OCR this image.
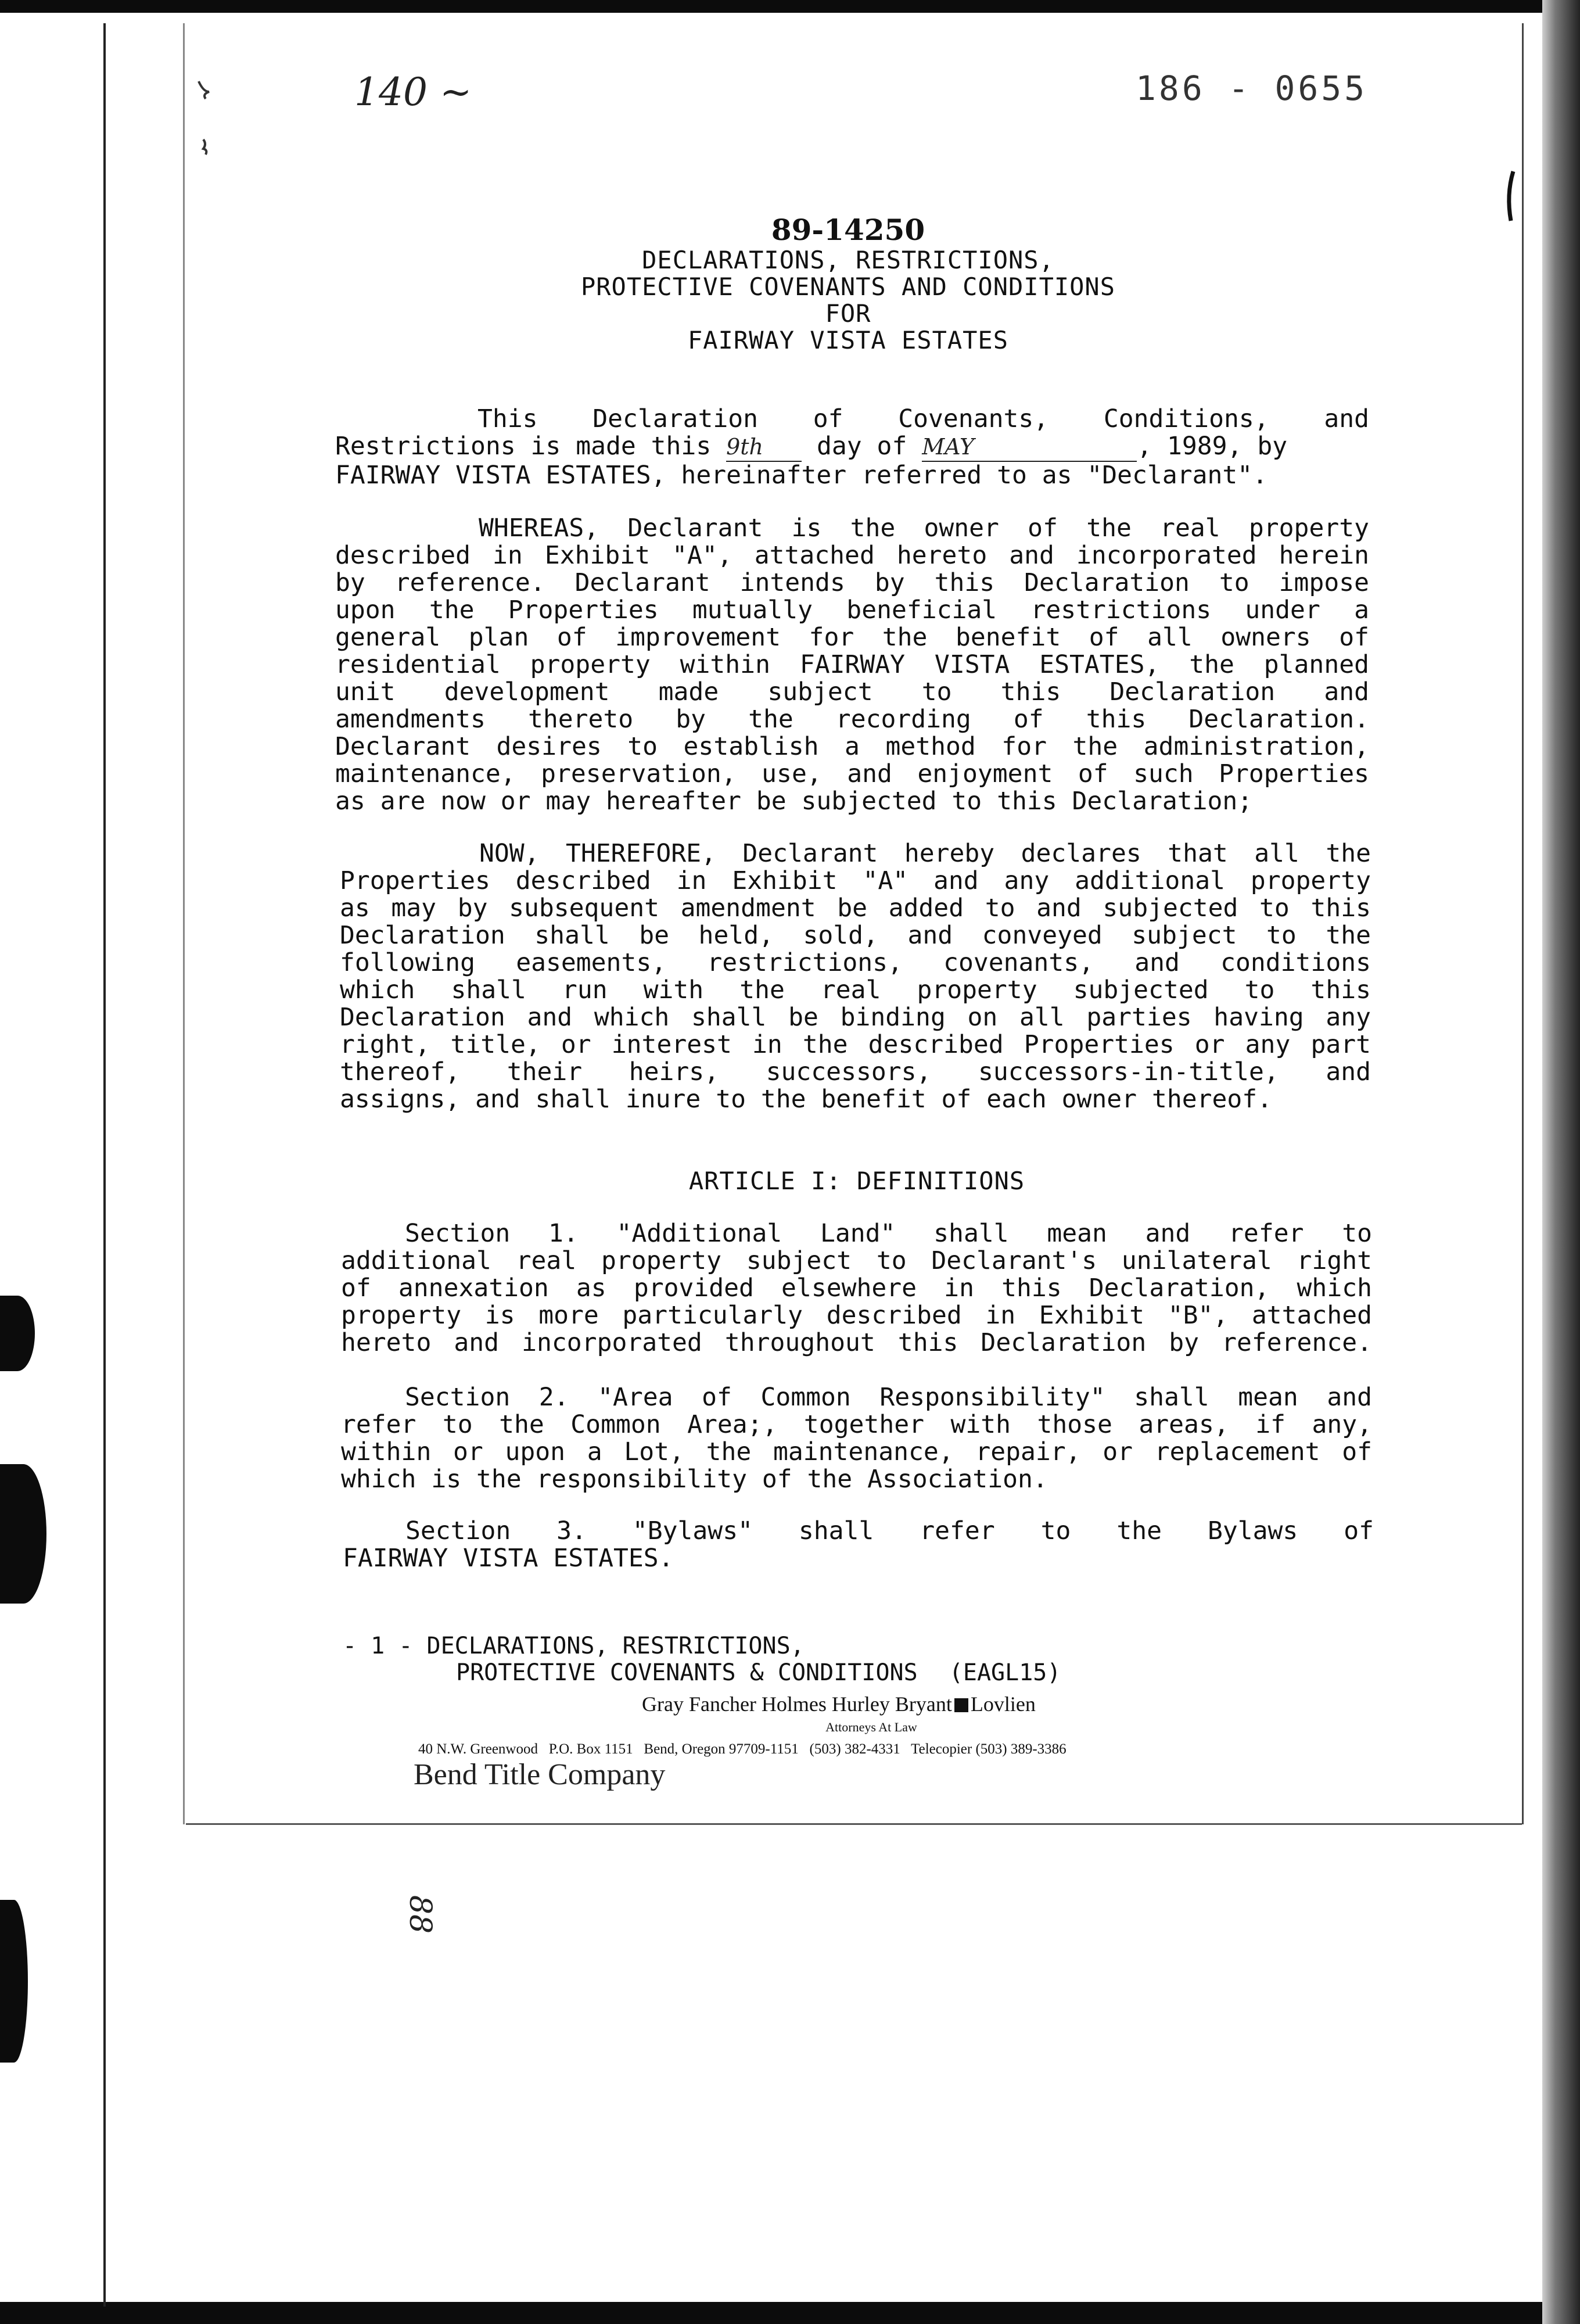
140 ~	186 - 0655
89-14250
DECLARATIONS, RESTRICTIONS,
PROTECTIVE COVENANTS AND CONDITIONS
FOR
FAIRWAY VISTA ESTATES
This Declaration of Covenants, Conditions, and
Restrictions is made this 9th day of MAY	, 1989, by
FAIRWAY VISTA ESTATES, hereinafter referred to as "Declarant".
WHEREAS, Declarant is the owner of the real property
described in Exhibit "A", attached hereto and incorporated herein
by reference. Declarant intends by this Declaration to impose
upon the Properties mutually beneficial restrictions under a
general plan of improvement for the benefit of all owners of
residential property within FAIRWAY VISTA ESTATES, the planned
unit development made subject to this Declaration and
amendments thereto by the recording of this Declaration.
Declarant desires to establish a method for the administration,
maintenance, preservation, use, and enjoyment of such Properties
as are now or may hereafter be subjected to this Declaration;
NOW, THEREFORE, Declarant hereby declares that all the
Properties described in Exhibit "A" and any additional property
as may by subsequent amendment be added to and subjected to this
Declaration shall be held, sold, and conveyed subject to the
following easements, restrictions, covenants, and conditions
which shall run with the real property subjected to this
Declaration and which shall be binding on all parties having any
right, title, or interest in the described Properties or any part
thereof, their heirs, successors, successors-in-title, and
assigns, and shall inure to the benefit of each owner thereof.
ARTICLE I: DEFINITIONS
Section 1. "Additional Land" shall mean and refer to
additional real property subject to Declarant's unilateral right
of annexation as provided elsewhere in this Declaration, which
property is more particularly described in Exhibit "B", attached
hereto and incorporated throughout this Declaration by reference.
Section 2. "Area of Common Responsibility" shall mean and
refer to the Common Area;, together with those areas, if any,
within or upon a Lot, the maintenance, repair, or replacement of
which is the responsibility of the Association.
Section 3. "Bylaws" shall refer to the Bylaws of
FAIRWAY VISTA ESTATES.
- 1 - DECLARATIONS, RESTRICTIONS,
PROTECTIVE COVENANTS & CONDITIONS (EAGL15)
Gray Fancher Holmes Hurley Bryant Lovlien
Attorneys At Law
40 N.W. Greenwood   P.O. Box 1151   Bend, Oregon 97709-1151   (503) 382-4331   Telecopier (503) 389-3386
Bend Title Company
88
